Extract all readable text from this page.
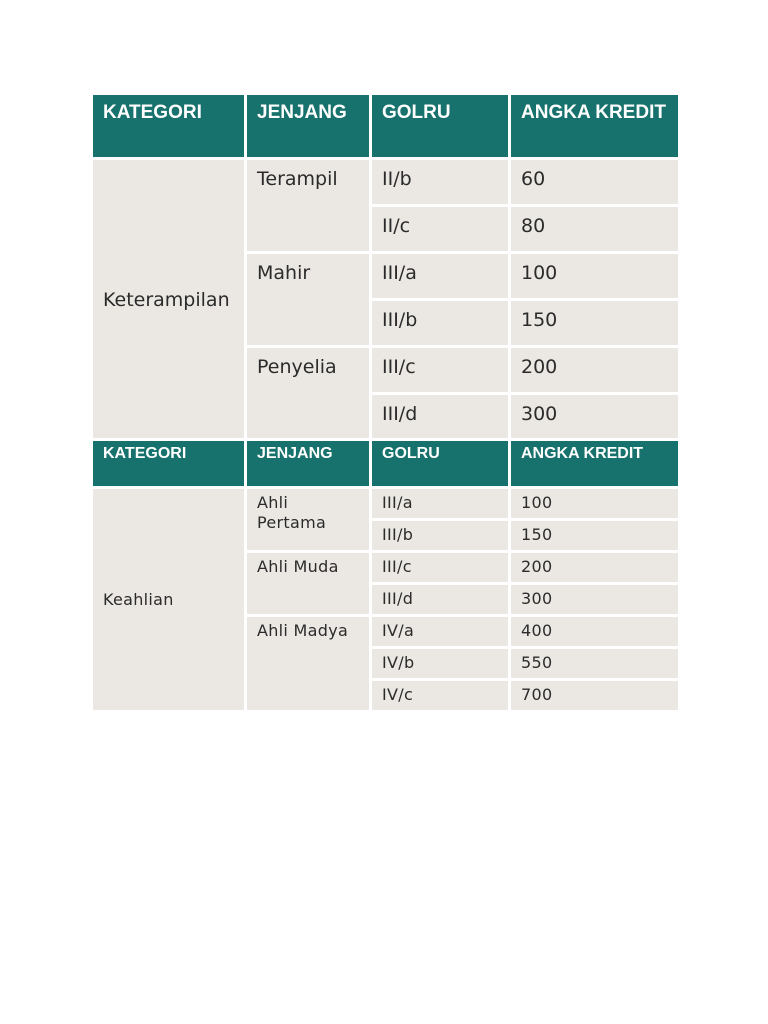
KATEGORI	JENJANG	GOLRU	ANGKA KREDIT
Keterampilan	Terampil	II/b	60
		II/c	80
	Mahir	III/a	100
		III/b	150
	Penyelia	III/c	200
		III/d	300
KATEGORI	JENJANG	GOLRU	ANGKA KREDIT
Keahlian	Ahli Pertama	III/a	100
		III/b	150
	Ahli Muda	III/c	200
		III/d	300
	Ahli Madya	IV/a	400
		IV/b	550
		IV/c	700
